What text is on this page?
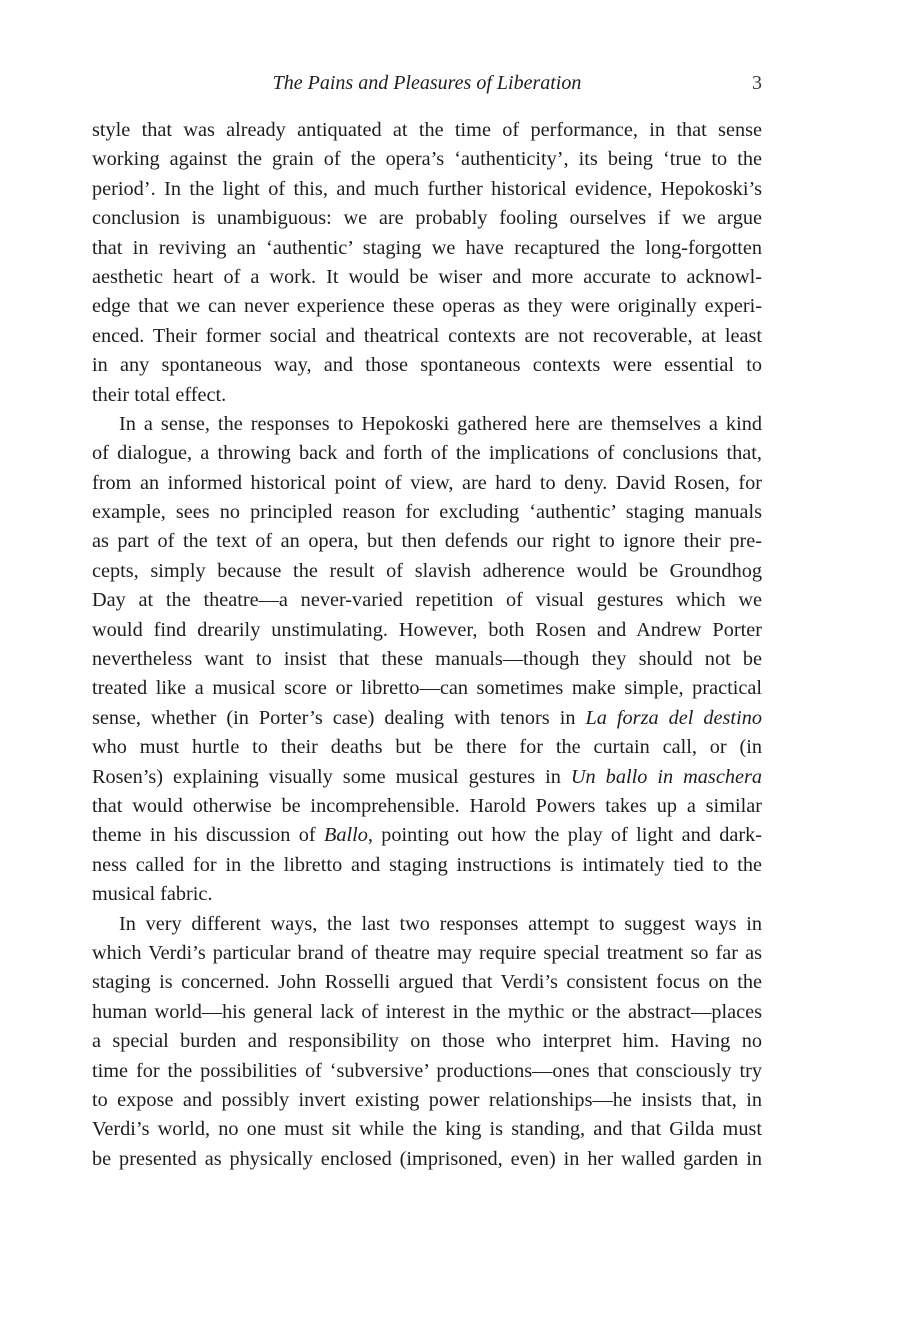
The Pains and Pleasures of Liberation	3
style that was already antiquated at the time of performance, in that sense
working against the grain of the opera’s ‘authenticity’, its being ‘true to the
period’. In the light of this, and much further historical evidence, Hepokoski’s
conclusion is unambiguous: we are probably fooling ourselves if we argue
that in reviving an ‘authentic’ staging we have recaptured the long-forgotten
aesthetic heart of a work. It would be wiser and more accurate to acknowl-
edge that we can never experience these operas as they were originally experi-
enced. Their former social and theatrical contexts are not recoverable, at least
in any spontaneous way, and those spontaneous contexts were essential to
their total effect.
In a sense, the responses to Hepokoski gathered here are themselves a kind
of dialogue, a throwing back and forth of the implications of conclusions that,
from an informed historical point of view, are hard to deny. David Rosen, for
example, sees no principled reason for excluding ‘authentic’ staging manuals
as part of the text of an opera, but then defends our right to ignore their pre-
cepts, simply because the result of slavish adherence would be Groundhog
Day at the theatre—a never-varied repetition of visual gestures which we
would find drearily unstimulating. However, both Rosen and Andrew Porter
nevertheless want to insist that these manuals—though they should not be
treated like a musical score or libretto—can sometimes make simple, practical
sense, whether (in Porter’s case) dealing with tenors in La forza del destino
who must hurtle to their deaths but be there for the curtain call, or (in
Rosen’s) explaining visually some musical gestures in Un ballo in maschera
that would otherwise be incomprehensible. Harold Powers takes up a similar
theme in his discussion of Ballo, pointing out how the play of light and dark-
ness called for in the libretto and staging instructions is intimately tied to the
musical fabric.
In very different ways, the last two responses attempt to suggest ways in
which Verdi’s particular brand of theatre may require special treatment so far as
staging is concerned. John Rosselli argued that Verdi’s consistent focus on the
human world—his general lack of interest in the mythic or the abstract—places
a special burden and responsibility on those who interpret him. Having no
time for the possibilities of ‘subversive’ productions—ones that consciously try
to expose and possibly invert existing power relationships—he insists that, in
Verdi’s world, no one must sit while the king is standing, and that Gilda must
be presented as physically enclosed (imprisoned, even) in her walled garden in
